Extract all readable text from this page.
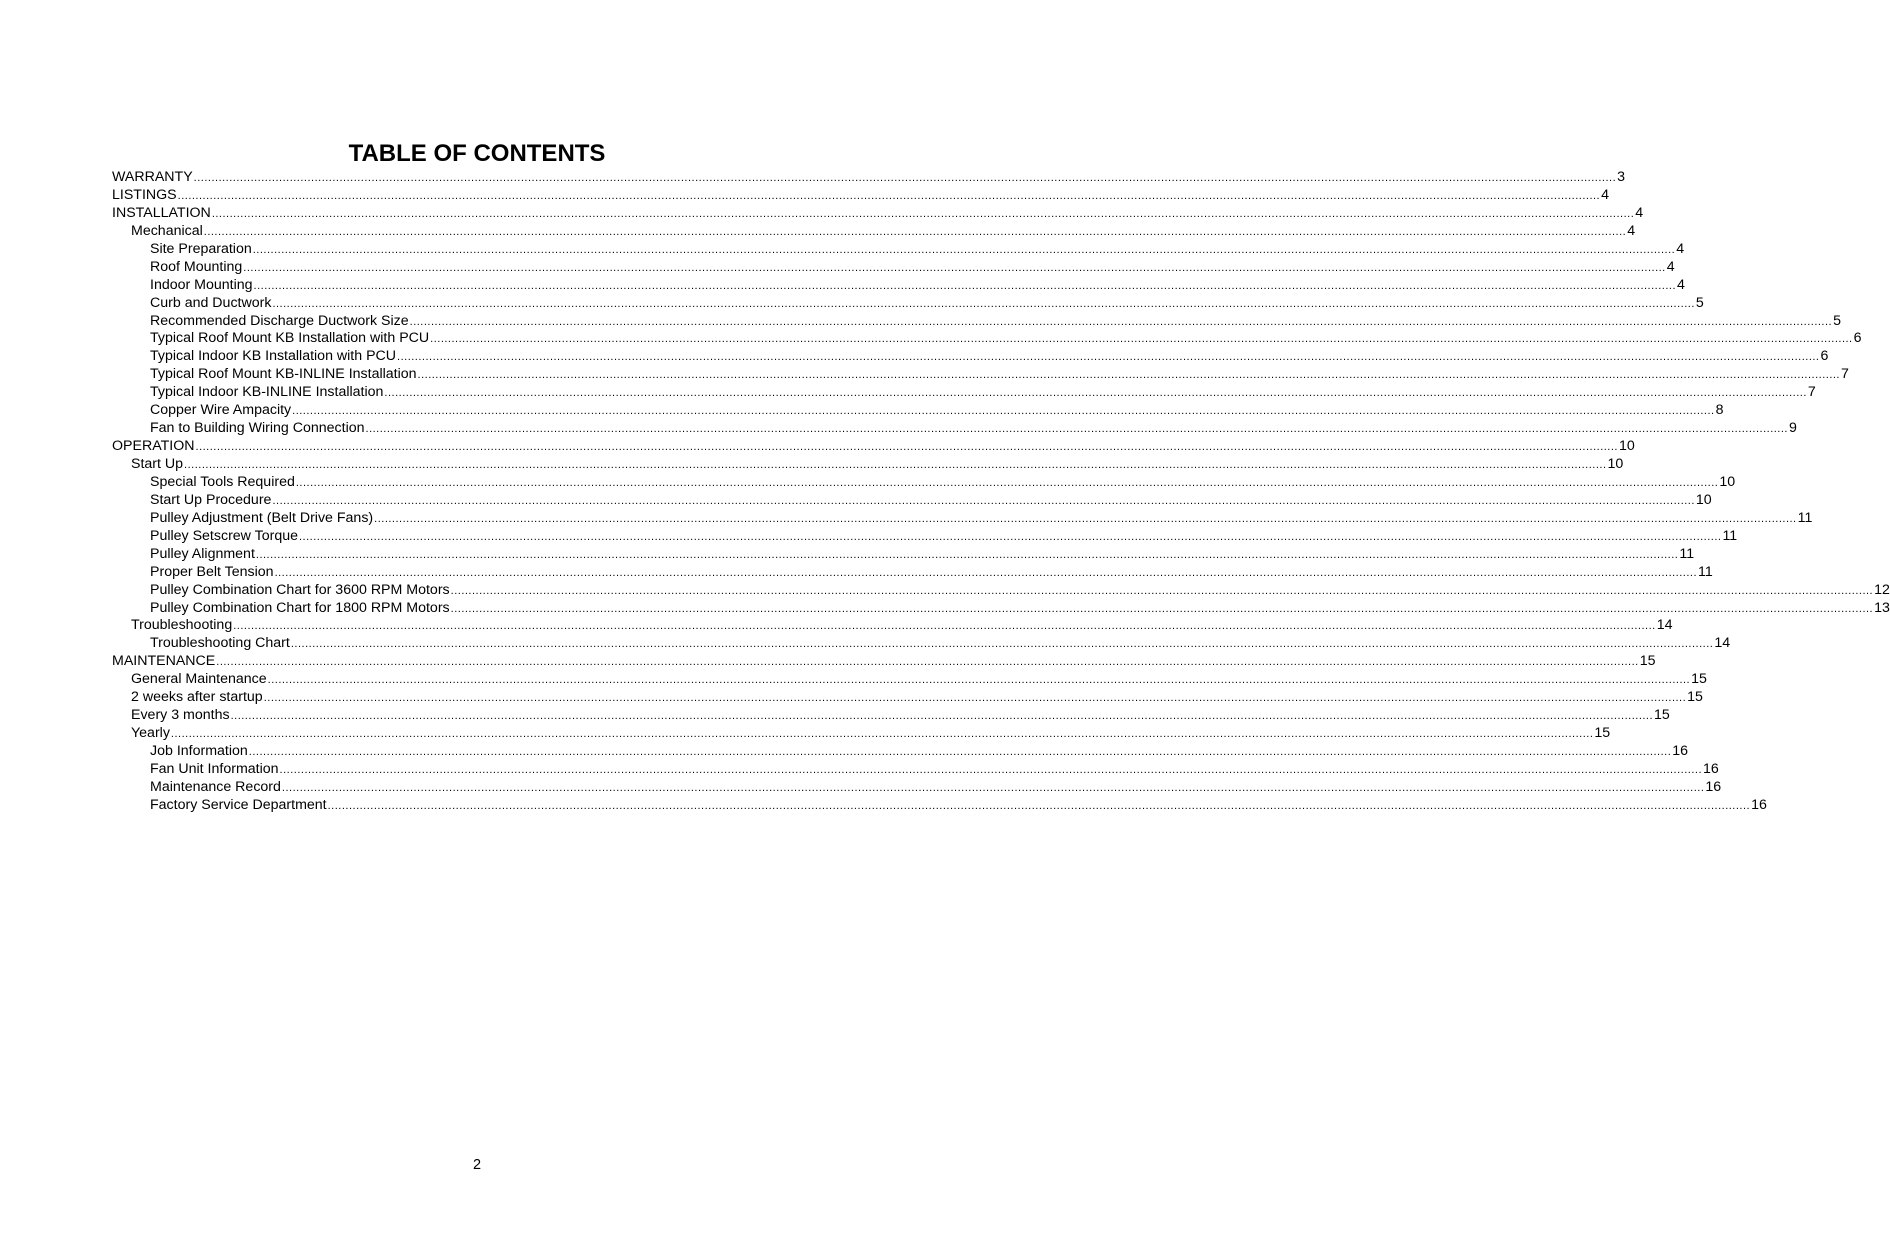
TABLE OF CONTENTS
WARRANTY ................................................................................................................................................................................................................................................................................................................................................................................................................ 3
LISTINGS ................................................................................................................................................................................................................................................................................................................................................................................................................ 4
INSTALLATION ................................................................................................................................................................................................................................................................................................................................................................................................................ 4
Mechanical ................................................................................................................................................................................................................................................................................................................................................................................................................ 4
Site Preparation ................................................................................................................................................................................................................................................................................................................................................................................................................ 4
Roof Mounting ................................................................................................................................................................................................................................................................................................................................................................................................................ 4
Indoor Mounting ................................................................................................................................................................................................................................................................................................................................................................................................................ 4
Curb and Ductwork ................................................................................................................................................................................................................................................................................................................................................................................................................ 5
Recommended Discharge Ductwork Size ................................................................................................................................................................................................................................................................................................................................................................................................................ 5
Typical Roof Mount KB Installation with PCU ................................................................................................................................................................................................................................................................................................................................................................................................................ 6
Typical Indoor KB Installation with PCU ................................................................................................................................................................................................................................................................................................................................................................................................................ 6
Typical Roof Mount KB-INLINE Installation ................................................................................................................................................................................................................................................................................................................................................................................................................ 7
Typical Indoor KB-INLINE Installation ................................................................................................................................................................................................................................................................................................................................................................................................................ 7
Copper Wire Ampacity ................................................................................................................................................................................................................................................................................................................................................................................................................ 8
Fan to Building Wiring Connection ................................................................................................................................................................................................................................................................................................................................................................................................................ 9
OPERATION ................................................................................................................................................................................................................................................................................................................................................................................................................ 10
Start Up ................................................................................................................................................................................................................................................................................................................................................................................................................ 10
Special Tools Required ................................................................................................................................................................................................................................................................................................................................................................................................................ 10
Start Up Procedure ................................................................................................................................................................................................................................................................................................................................................................................................................ 10
Pulley Adjustment (Belt Drive Fans) ................................................................................................................................................................................................................................................................................................................................................................................................................ 11
Pulley Setscrew Torque ................................................................................................................................................................................................................................................................................................................................................................................................................ 11
Pulley Alignment ................................................................................................................................................................................................................................................................................................................................................................................................................ 11
Proper Belt Tension ................................................................................................................................................................................................................................................................................................................................................................................................................ 11
Pulley Combination Chart for 3600 RPM Motors ................................................................................................................................................................................................................................................................................................................................................................................................................ 12
Pulley Combination Chart for 1800 RPM Motors ................................................................................................................................................................................................................................................................................................................................................................................................................ 13
Troubleshooting ................................................................................................................................................................................................................................................................................................................................................................................................................ 14
Troubleshooting Chart ................................................................................................................................................................................................................................................................................................................................................................................................................ 14
MAINTENANCE ................................................................................................................................................................................................................................................................................................................................................................................................................ 15
General Maintenance ................................................................................................................................................................................................................................................................................................................................................................................................................ 15
2 weeks after startup ................................................................................................................................................................................................................................................................................................................................................................................................................ 15
Every 3 months ................................................................................................................................................................................................................................................................................................................................................................................................................ 15
Yearly ................................................................................................................................................................................................................................................................................................................................................................................................................ 15
Job Information ................................................................................................................................................................................................................................................................................................................................................................................................................ 16
Fan Unit Information ................................................................................................................................................................................................................................................................................................................................................................................................................ 16
Maintenance Record ................................................................................................................................................................................................................................................................................................................................................................................................................ 16
Factory Service Department ................................................................................................................................................................................................................................................................................................................................................................................................................ 16
2
